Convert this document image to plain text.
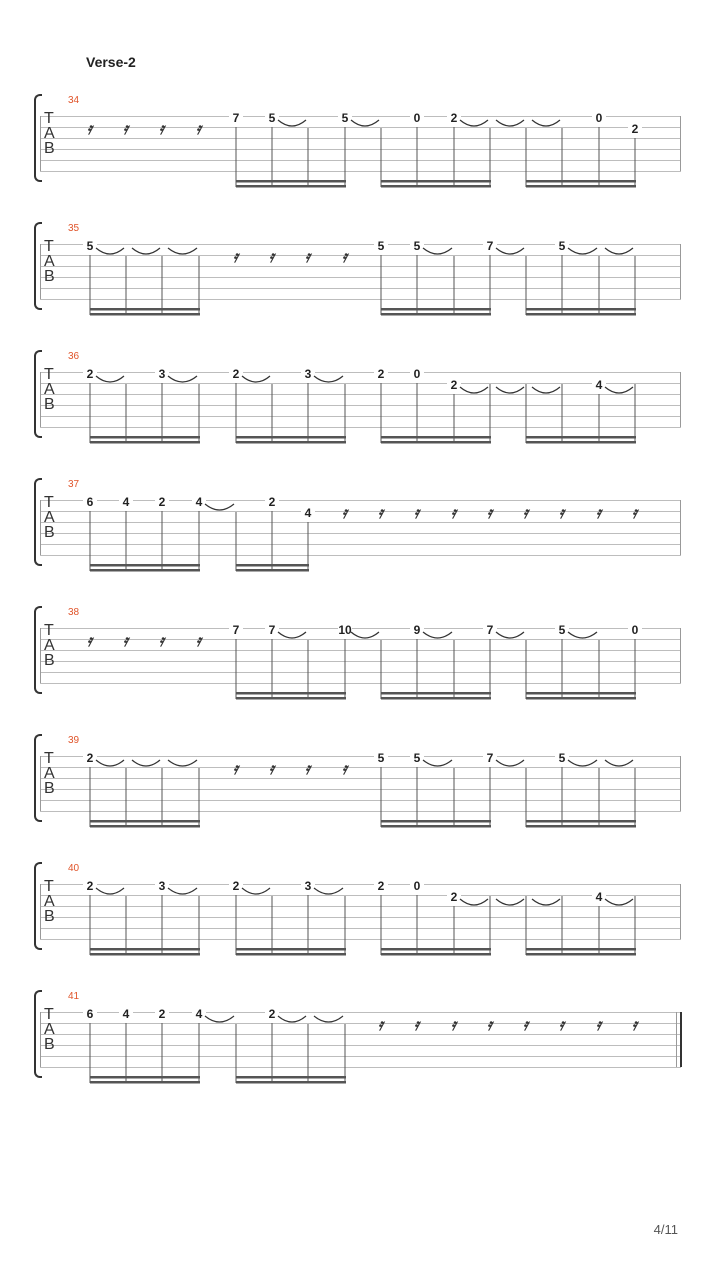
Verse-2
34
T
A
B
𝄿 𝄿 𝄿 𝄿
7 5	5	0	2	0
2
35
T
A
B
5
𝄿 𝄿 𝄿 𝄿
5 5	7	5
36
T
A
B
2	3	2	3	2 0
2	4
37
T
A
B
6 4 2	4	2
4 𝄿 𝄿 𝄿 𝄿 𝄿 𝄿 𝄿 𝄿 𝄿
38
T
A
B
𝄿 𝄿 𝄿 𝄿
7 7	10	9	7	5	0
39
T
A
B
2
𝄿 𝄿 𝄿 𝄿
5 5	7	5
40
T
A
B
2	3	2	3	2 0
2	4
41
T
A
B
6 4 2	4	2
𝄿 𝄿 𝄿 𝄿 𝄿 𝄿 𝄿 𝄿
4/11
